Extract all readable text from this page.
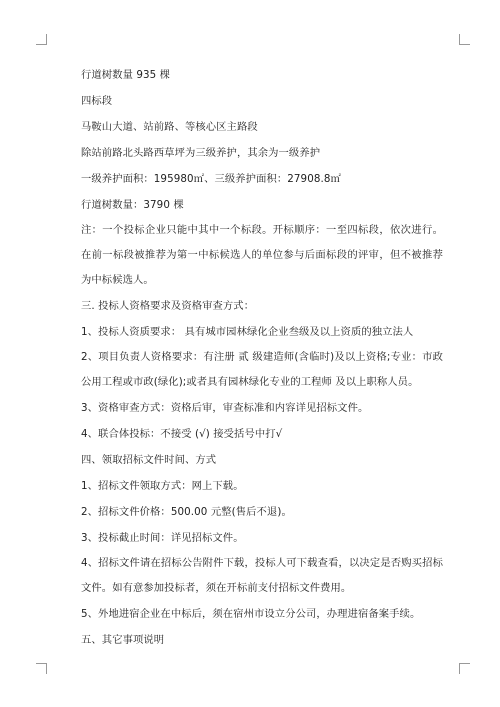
行道树数量 935 棵
四标段
马鞍山大道、站前路、等核心区主路段
除站前路北头路西草坪为三级养护，其余为一级养护
一级养护面积：195980㎡、三级养护面积：27908.8㎡
行道树数量：3790 棵
注：一个投标企业只能中其中一个标段。开标顺序：一至四标段，依次进行。在前一标段被推荐为第一中标候选人的单位参与后面标段的评审，但不被推荐为中标候选人。
三. 投标人资格要求及资格审查方式：
1、投标人资质要求： 具有城市园林绿化企业叁级及以上资质的独立法人
2、项目负责人资格要求：有注册 贰 级建造师(含临时)及以上资格;专业：市政公用工程或市政(绿化);或者具有园林绿化专业的工程师 及以上职称人员。
3、资格审查方式：资格后审，审查标准和内容详见招标文件。
4、联合体投标：不接受 (√) 接受括号中打√
四、领取招标文件时间、方式
1、招标文件领取方式：网上下载。
2、招标文件价格：500.00 元整(售后不退)。
3、投标截止时间：详见招标文件。
4、招标文件请在招标公告附件下载，投标人可下载查看，以决定是否购买招标文件。如有意参加投标者，须在开标前支付招标文件费用。
5、外地进宿企业在中标后，须在宿州市设立分公司，办理进宿备案手续。
五、其它事项说明
